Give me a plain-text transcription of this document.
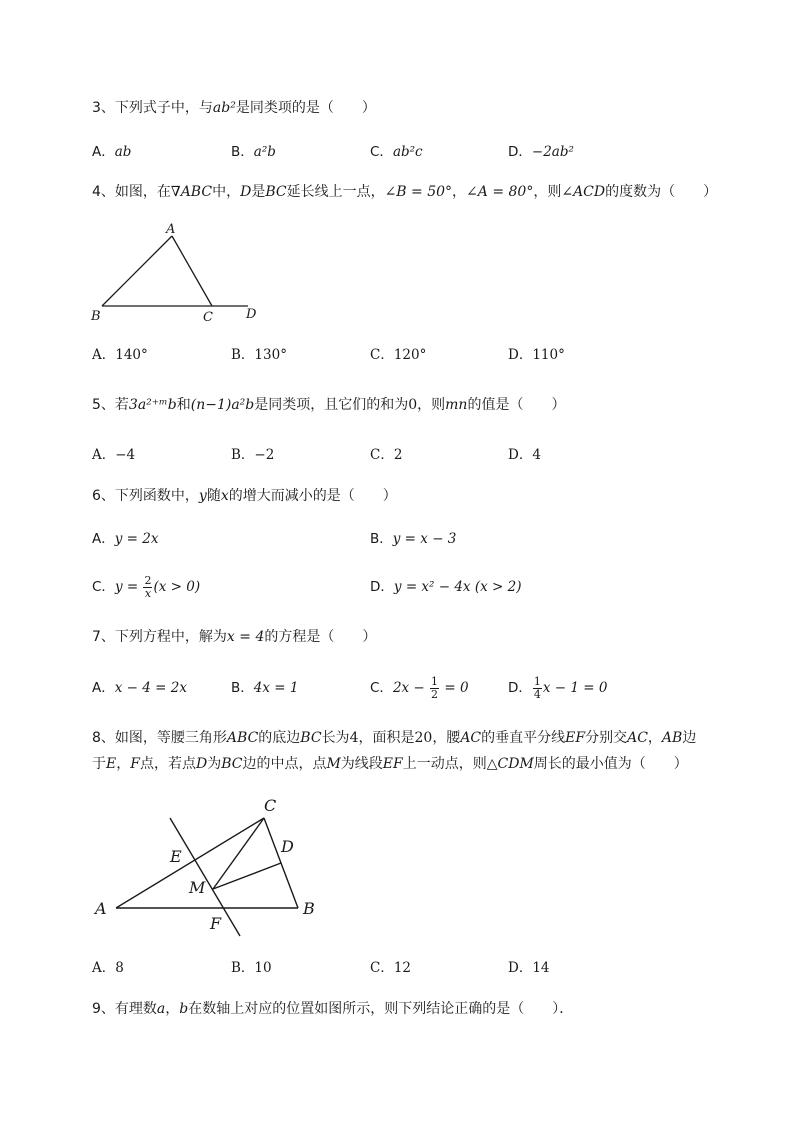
3、下列式子中，与ab²是同类项的是（　　）
A．ab	B．a²b	C．ab²c	D．−2ab²
4、如图，在∇ABC中，D是BC延长线上一点，∠B = 50°，∠A = 80°，则∠ACD的度数为（　　）
A
B	C	D
A．140°	B．130°	C．120°	D．110°
5、若3a²⁺ᵐb和(n−1)a²b是同类项，且它们的和为0，则mn的值是（　　）
A．−4	B．−2	C．2	D．4
6、下列函数中，y随x的增大而减小的是（　　）
A．y = 2x	B．y = x − 3
C．$y = \frac{2}{x} (x > 0)$	D．y = x² − 4x (x > 2)
7、下列方程中，解为x = 4的方程是（　　）
A．x − 4 = 2x	B．4x = 1	C．$2x - \frac{1}{2} = 0$	D． $\frac{1}{4}$ x − 1 = 0
8、如图，等腰三角形ABC的底边BC长为4，面积是20，腰AC的垂直平分线EF分别交AC，AB边
于E，F点，若点D为BC边的中点，点M为线段EF上一动点，则△CDM周长的最小值为（　　）
C
D
E
M
A	B
F
A．8	B．10	C．12	D．14
9、有理数a，b在数轴上对应的位置如图所示，则下列结论正确的是（　　）．
